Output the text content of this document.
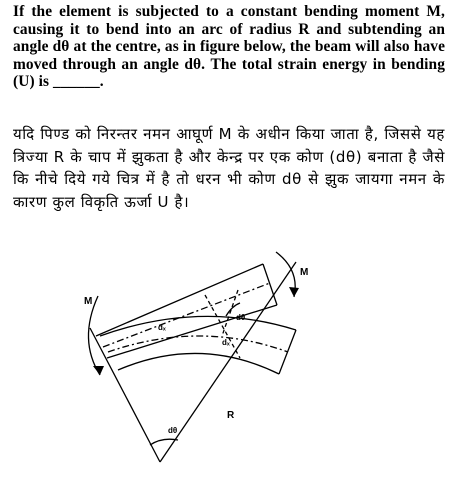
If the element is subjected to a constant bending moment M, causing it to bend into an arc of radius R and subtending an angle dθ at the centre, as in figure below, the beam will also have moved through an angle dθ. The total strain energy in bending (U) is ______.
यदि पिण्ड को निरन्तर नमन आघूर्ण M के अधीन किया जाता है, जिससे यह त्रिज्या R के चाप में झुकता है और केन्द्र पर एक कोण (dθ) बनाता है जैसे कि नीचे दिये गये चित्र में है तो धरन भी कोण dθ से झुक जायगा नमन के कारण कुल विकृति ऊर्जा U है।
M
M
R
dθ
dθ
dₓ
dₓ
